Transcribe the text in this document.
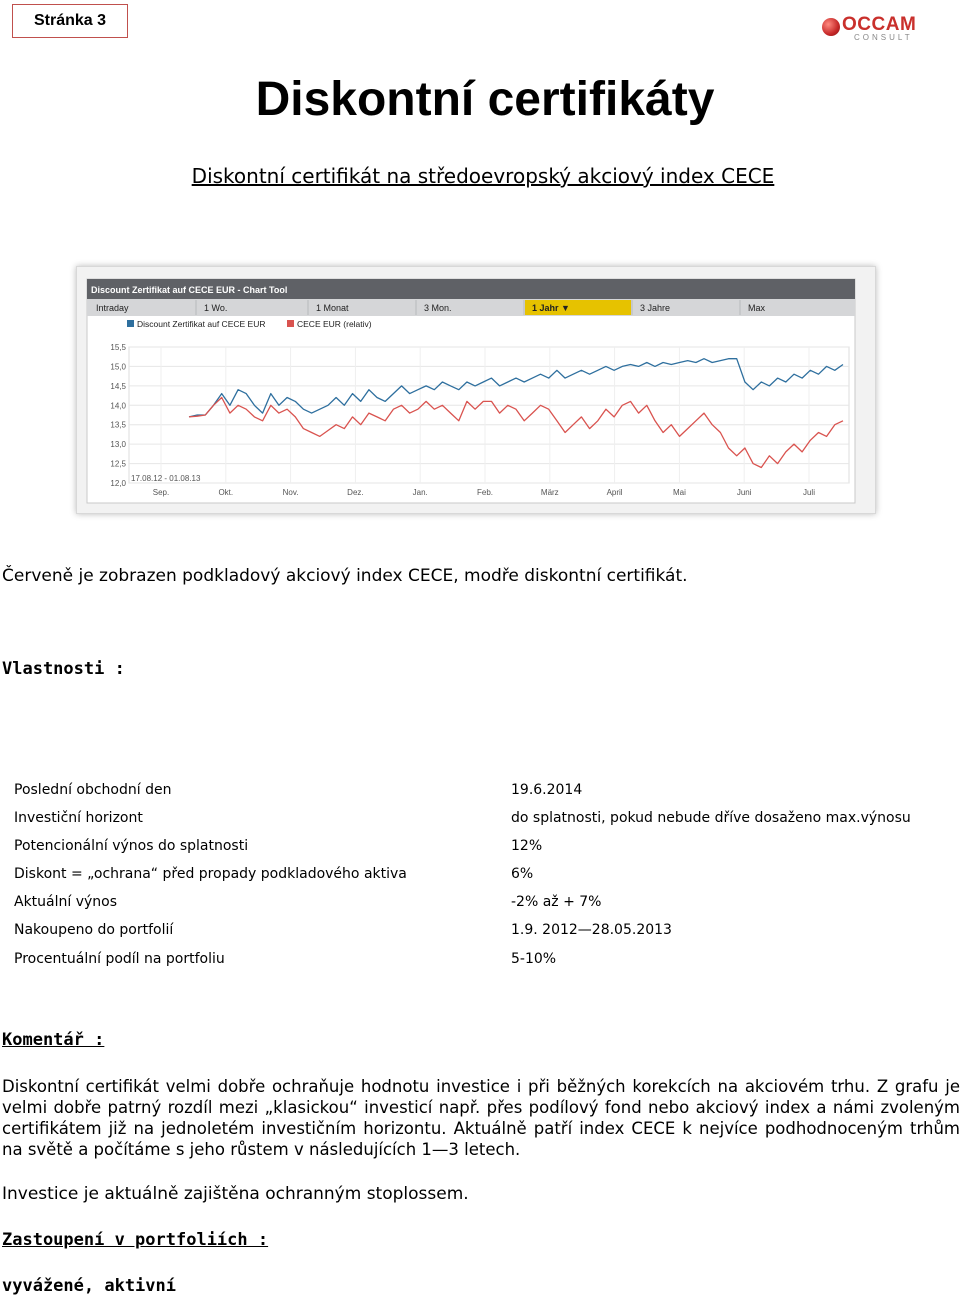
Stránka 3	OCCAM
CONSULT
Diskontní certifikáty
Diskontní certifikát na středoevropský akciový index CECE
Discount Zertifikat auf CECE EUR - Chart Tool
Intraday	1 Wo.	1 Monat	3 Mon.	1 Jahr ▼	3 Jahre	Max
Discount Zertifikat auf CECE EUR	CECE EUR (relativ)
15,5
15,0
14,5
14,0
13,5
13,0
12,5
12,0
Sep.	Okt.	Nov.	Dez.	Jan.	Feb.	März	April	Mai	Juni	Juli
17.08.12 - 01.08.13
Červeně je zobrazen podkladový akciový index CECE, modře diskontní certifikát.
Vlastnosti :
Poslední obchodní den	19.6.2014
Investiční horizont	do splatnosti, pokud nebude dříve dosaženo max.výnosu
Potencionální výnos do splatnosti	12%
Diskont = „ochrana“ před propady podkladového aktiva	6%
Aktuální výnos	-2% až + 7%
Nakoupeno do portfolií	1.9. 2012—28.05.2013
Procentuální podíl na portfoliu	5-10%
Komentář :
Diskontní certifikát velmi dobře ochraňuje hodnotu investice i při běžných korekcích na akciovém trhu. Z grafu je velmi dobře patrný rozdíl mezi „klasickou“ investicí např. přes podílový fond nebo akciový index a námi zvoleným certifikátem již na jednoletém investičním horizontu. Aktuálně patří index CECE k nejvíce podhodnoceným trhům na světě a počítáme s jeho růstem v následujících 1—3 letech.
Investice je aktuálně zajištěna ochranným stoplossem.
Zastoupení v portfoliích :
vyvážené, aktivní
